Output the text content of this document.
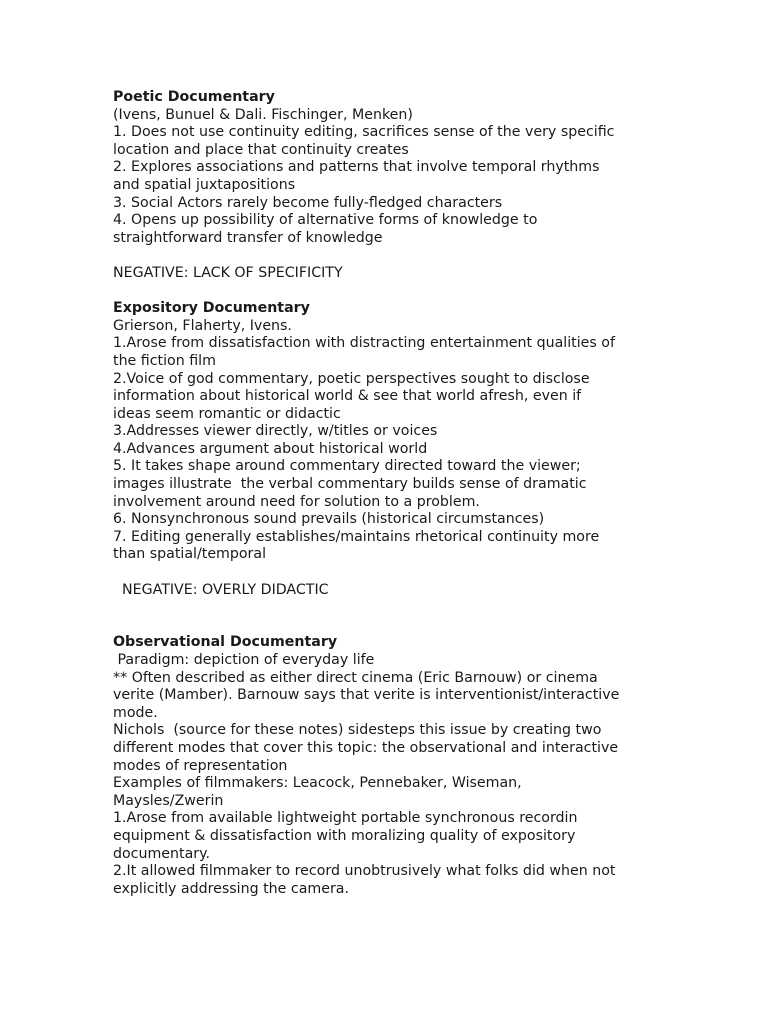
Poetic Documentary

(Ivens, Bunuel & Dali. Fischinger, Menken)

1. Does not use continuity editing, sacrifices sense of the very specific

location and place that continuity creates

2. Explores associations and patterns that involve temporal rhythms

and spatial juxtapositions

3. Social Actors rarely become fully-fledged characters

4. Opens up possibility of alternative forms of knowledge to

straightforward transfer of knowledge

NEGATIVE: LACK OF SPECIFICITY

Expository Documentary

Grierson, Flaherty, Ivens.

1.Arose from dissatisfaction with distracting entertainment qualities of

the fiction film

2.Voice of god commentary, poetic perspectives sought to disclose

information about historical world & see that world afresh, even if

ideas seem romantic or didactic

3.Addresses viewer directly, w/titles or voices

4.Advances argument about historical world

5. It takes shape around commentary directed toward the viewer;

images illustrate  the verbal commentary builds sense of dramatic

involvement around need for solution to a problem.

6. Nonsynchronous sound prevails (historical circumstances)

7. Editing generally establishes/maintains rhetorical continuity more

than spatial/temporal

NEGATIVE: OVERLY DIDACTIC

Observational Documentary

Paradigm: depiction of everyday life

** Often described as either direct cinema (Eric Barnouw) or cinema

verite (Mamber). Barnouw says that verite is interventionist/interactive

mode.

Nichols  (source for these notes) sidesteps this issue by creating two

different modes that cover this topic: the observational and interactive

modes of representation

Examples of filmmakers: Leacock, Pennebaker, Wiseman,

Maysles/Zwerin

1.Arose from available lightweight portable synchronous recordin

equipment & dissatisfaction with moralizing quality of expository

documentary.

2.It allowed filmmaker to record unobtrusively what folks did when not

explicitly addressing the camera.
